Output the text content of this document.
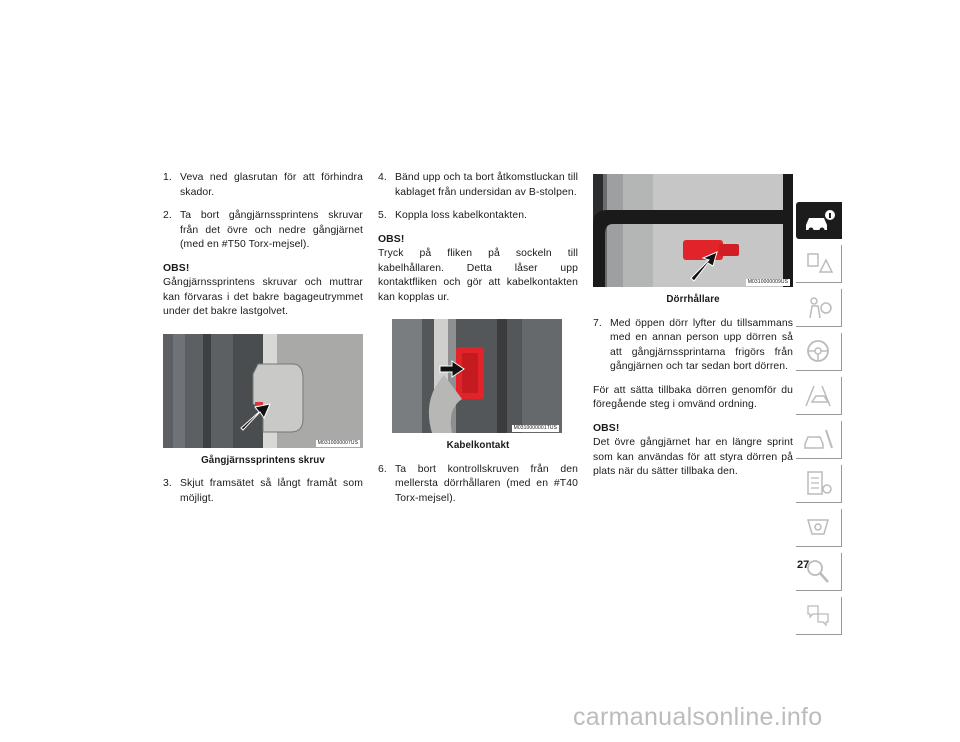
1. Veva ned glasrutan för att förhindra skador.
2. Ta bort gångjärnssprintens skruvar från det övre och nedre gångjärnet (med en #T50 Torx-mejsel).
OBS!
Gångjärnssprintens skruvar och muttrar kan förvaras i det bakre bagageutrymmet under det bakre lastgolvet.
M0310000007US
Gångjärnssprintens skruv
3. Skjut framsätet så långt framåt som möjligt.
4. Bänd upp och ta bort åtkomstluckan till kablaget från undersidan av B-stolpen.
5. Koppla loss kabelkontakten.
OBS!
Tryck på fliken på sockeln till kabelhållaren. Detta låser upp kontaktfliken och gör att kabelkontakten kan kopplas ur.
M0310000001TUS
Kabelkontakt
6. Ta bort kontrollskruven från den mellersta dörrhållaren (med en #T40 Torx-mejsel).
M0310000009US
Dörrhållare
7. Med öppen dörr lyfter du tillsammans med en annan person upp dörren så att gångjärnssprintarna frigörs från gångjärnen och tar sedan bort dörren.
För att sätta tillbaka dörren genomför du föregående steg i omvänd ordning.
OBS!
Det övre gångjärnet har en längre sprint som kan användas för att styra dörren på plats när du sätter tillbaka den.
27
carmanualsonline.info
